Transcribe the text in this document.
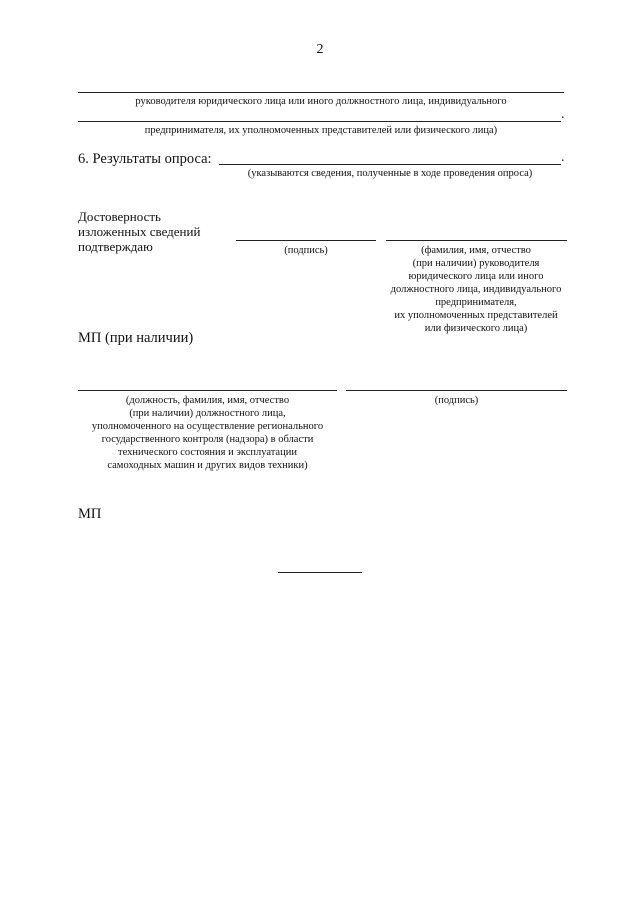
2
руководителя юридического лица или иного должностного лица, индивидуального
.
предпринимателя, их уполномоченных представителей или физического лица)
6. Результаты опроса:	.
(указываются сведения, полученные в ходе проведения опроса)
Достоверность
изложенных сведений
подтверждаю	(подпись)	(фамилия, имя, отчество
(при наличии) руководителя
юридического лица или иного
должностного лица, индивидуального
предпринимателя,
их уполномоченных представителей
или физического лица)
МП (при наличии)
(должность, фамилия, имя, отчество
(при наличии) должностного лица,
уполномоченного на осуществление регионального
государственного контроля (надзора) в области
технического состояния и эксплуатации
самоходных машин и других видов техники)
(подпись)
МП
